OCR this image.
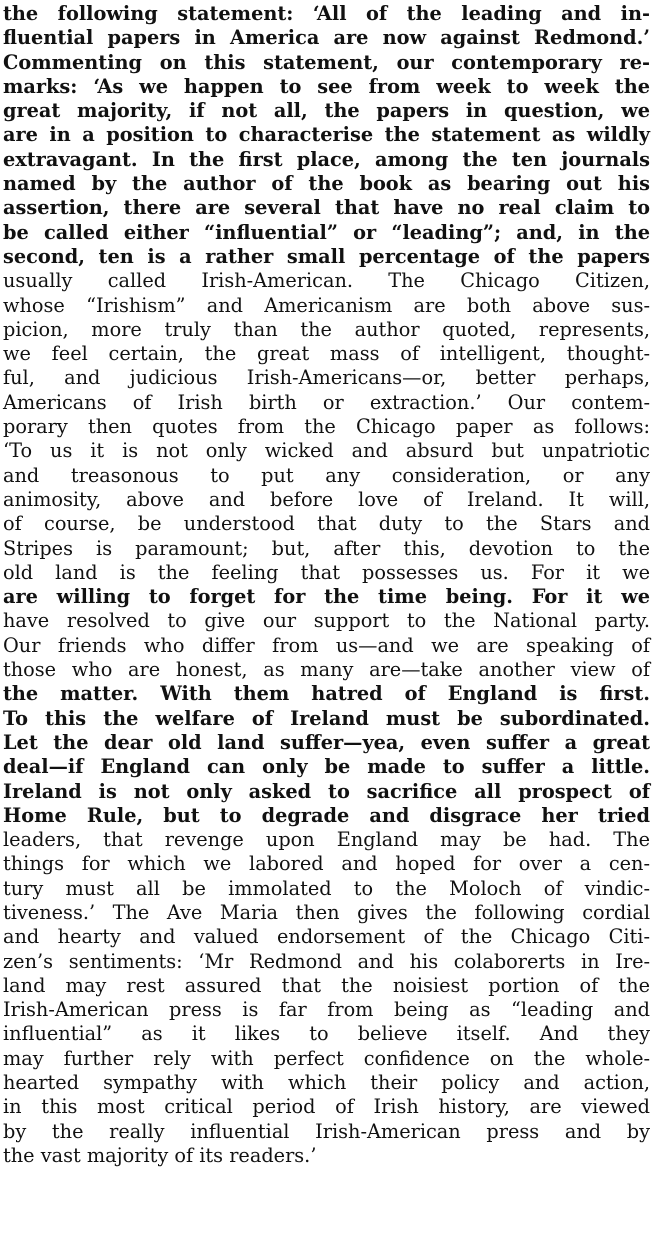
the following statement: ‘All of the leading and in-
fluential papers in America are now against Redmond.’
Commenting on this statement, our contemporary re-
marks: ‘As we happen to see from week to week the
great majority, if not all, the papers in question, we
are in a position to characterise the statement as wildly
extravagant. In the first place, among the ten journals
named by the author of the book as bearing out his
assertion, there are several that have no real claim to
be called either “influential” or “leading”; and, in the
second, ten is a rather small percentage of the papers
usually called Irish-American. The Chicago Citizen,
whose “Irishism” and Americanism are both above sus-
picion, more truly than the author quoted, represents,
we feel certain, the great mass of intelligent, thought-
ful, and judicious Irish-Americans—or, better perhaps,
Americans of Irish birth or extraction.’ Our contem-
porary then quotes from the Chicago paper as follows:
‘To us it is not only wicked and absurd but unpatriotic
and treasonous to put any consideration, or any
animosity, above and before love of Ireland. It will,
of course, be understood that duty to the Stars and
Stripes is paramount; but, after this, devotion to the
old land is the feeling that possesses us. For it we
are willing to forget for the time being. For it we
have resolved to give our support to the National party.
Our friends who differ from us—and we are speaking of
those who are honest, as many are—take another view of
the matter. With them hatred of England is first.
To this the welfare of Ireland must be subordinated.
Let the dear old land suffer—yea, even suffer a great
deal—if England can only be made to suffer a little.
Ireland is not only asked to sacrifice all prospect of
Home Rule, but to degrade and disgrace her tried
leaders, that revenge upon England may be had. The
things for which we labored and hoped for over a cen-
tury must all be immolated to the Moloch of vindic-
tiveness.’ The Ave Maria then gives the following cordial
and hearty and valued endorsement of the Chicago Citi-
zen’s sentiments: ‘Mr Redmond and his colaborerts in Ire-
land may rest assured that the noisiest portion of the
Irish-American press is far from being as “leading and
influential” as it likes to believe itself. And they
may further rely with perfect confidence on the whole-
hearted sympathy with which their policy and action,
in this most critical period of Irish history, are viewed
by the really influential Irish-American press and by
the vast majority of its readers.’
